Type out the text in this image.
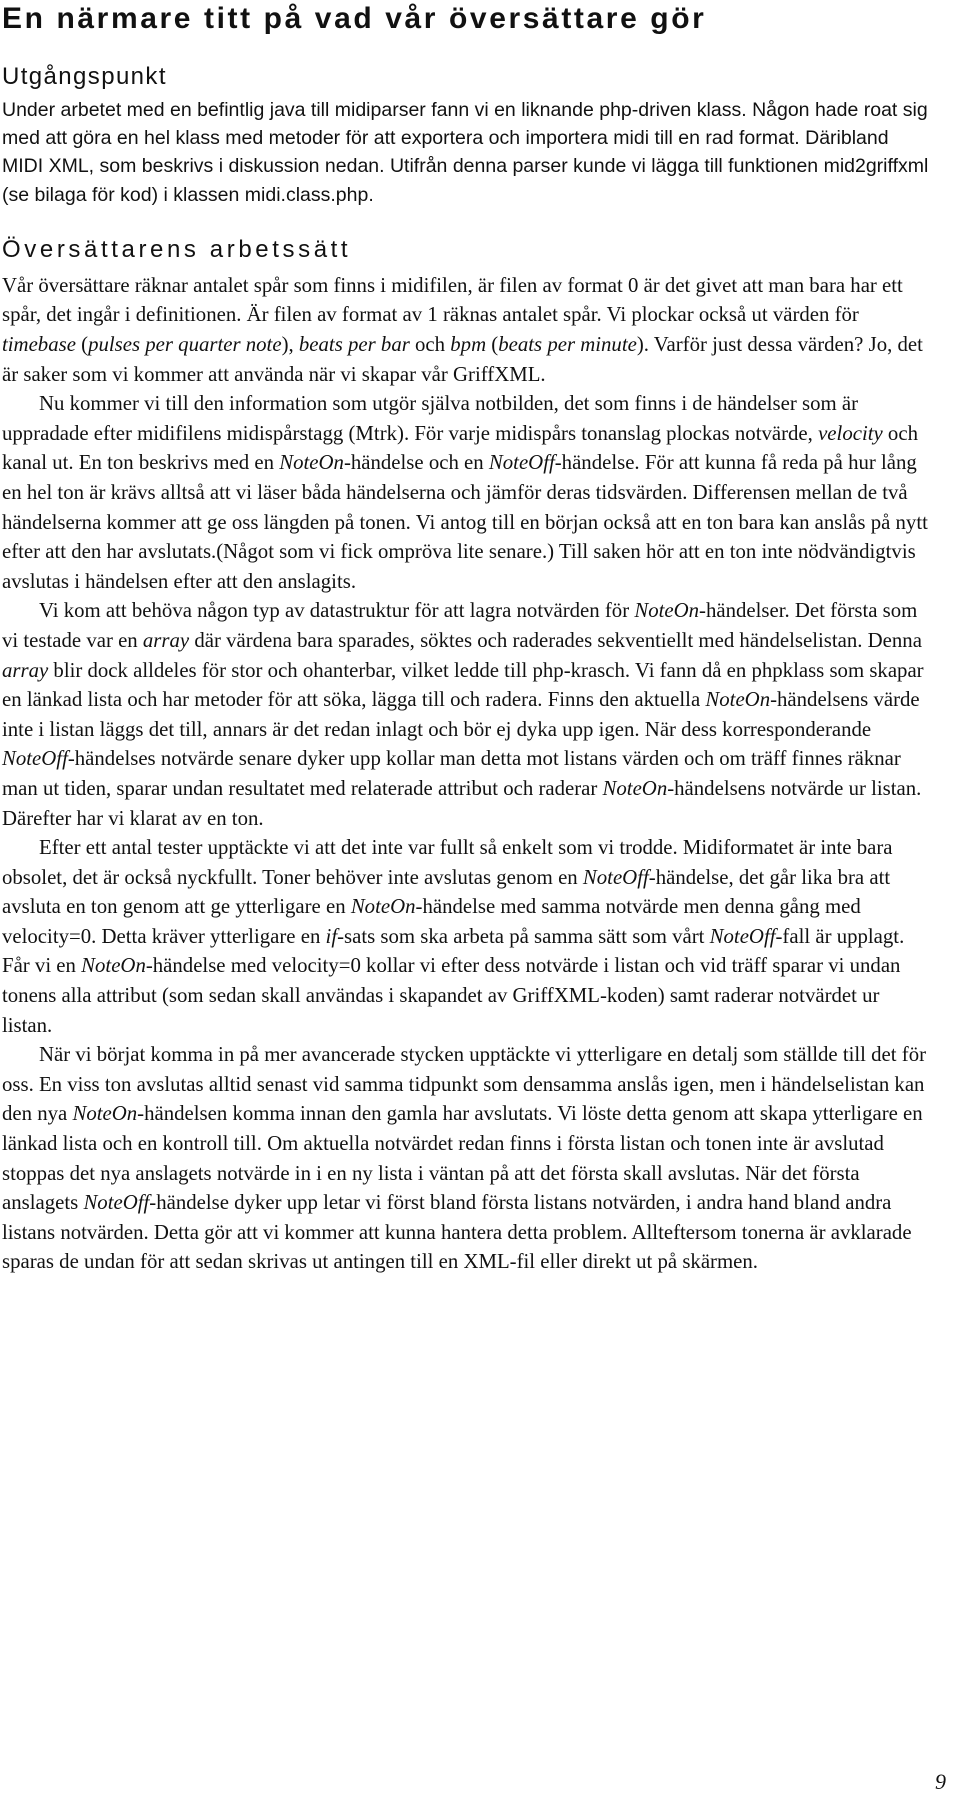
En närmare titt på vad vår översättare gör
Utgångspunkt

Under arbetet med en befintlig java till midiparser fann vi en liknande php-driven klass. Någon hade roat sig med att göra en hel klass med metoder för att exportera och importera midi till en rad format. Däribland MIDI XML, som beskrivs i diskussion nedan. Utifrån denna parser kunde vi lägga till funktionen mid2griffxml (se bilaga för kod) i klassen midi.class.php.

Översättarens arbetssätt

Vår översättare räknar antalet spår som finns i midifilen, är filen av format 0 är det givet att man bara har ett spår, det ingår i definitionen. Är filen av format av 1 räknas antalet spår. Vi plockar också ut värden för timebase (pulses per quarter note), beats per bar och bpm (beats per minute). Varför just dessa värden? Jo, det är saker som vi kommer att använda när vi skapar vår GriffXML.

Nu kommer vi till den information som utgör själva notbilden, det som finns i de händelser som är uppradade efter midifilens midispårstagg (Mtrk). För varje midispårs tonanslag plockas notvärde, velocity och kanal ut. En ton beskrivs med en NoteOn-händelse och en NoteOff-händelse. För att kunna få reda på hur lång en hel ton är krävs alltså att vi läser båda händelserna och jämför deras tidsvärden. Differensen mellan de två händelserna kommer att ge oss längden på tonen. Vi antog till en början också att en ton bara kan anslås på nytt efter att den har avslutats.(Något som vi fick ompröva lite senare.) Till saken hör att en ton inte nödvändigtvis avslutas i händelsen efter att den anslagits.

Vi kom att behöva någon typ av datastruktur för att lagra notvärden för NoteOn-händelser. Det första som vi testade var en array där värdena bara sparades, söktes och raderades sekventiellt med händelselistan. Denna array blir dock alldeles för stor och ohanterbar, vilket ledde till php-krasch. Vi fann då en phpklass som skapar en länkad lista och har metoder för att söka, lägga till och radera. Finns den aktuella NoteOn-händelsens värde inte i listan läggs det till, annars är det redan inlagt och bör ej dyka upp igen. När dess korresponderande NoteOff-händelses notvärde senare dyker upp kollar man detta mot listans värden och om träff finnes räknar man ut tiden, sparar undan resultatet med relaterade attribut och raderar NoteOn-händelsens notvärde ur listan. Därefter har vi klarat av en ton.

Efter ett antal tester upptäckte vi att det inte var fullt så enkelt som vi trodde. Midiformatet är inte bara obsolet, det är också nyckfullt. Toner behöver inte avslutas genom en NoteOff-händelse, det går lika bra att avsluta en ton genom att ge ytterligare en NoteOn-händelse med samma notvärde men denna gång med velocity=0. Detta kräver ytterligare en if-sats som ska arbeta på samma sätt som vårt NoteOff-fall är upplagt. Får vi en NoteOn-händelse med velocity=0 kollar vi efter dess notvärde i listan och vid träff sparar vi undan tonens alla attribut (som sedan skall användas i skapandet av GriffXML-koden) samt raderar notvärdet ur listan.

När vi börjat komma in på mer avancerade stycken upptäckte vi ytterligare en detalj som ställde till det för oss. En viss ton avslutas alltid senast vid samma tidpunkt som densamma anslås igen, men i händelselistan kan den nya NoteOn-händelsen komma innan den gamla har avslutats. Vi löste detta genom att skapa ytterligare en länkad lista och en kontroll till. Om aktuella notvärdet redan finns i första listan och tonen inte är avslutad stoppas det nya anslagets notvärde in i en ny lista i väntan på att det första skall avslutas. När det första anslagets NoteOff-händelse dyker upp letar vi först bland första listans notvärden, i andra hand bland andra listans notvärden. Detta gör att vi kommer att kunna hantera detta problem. Allteftersom tonerna är avklarade sparas de undan för att sedan skrivas ut antingen till en XML-fil eller direkt ut på skärmen.

9
